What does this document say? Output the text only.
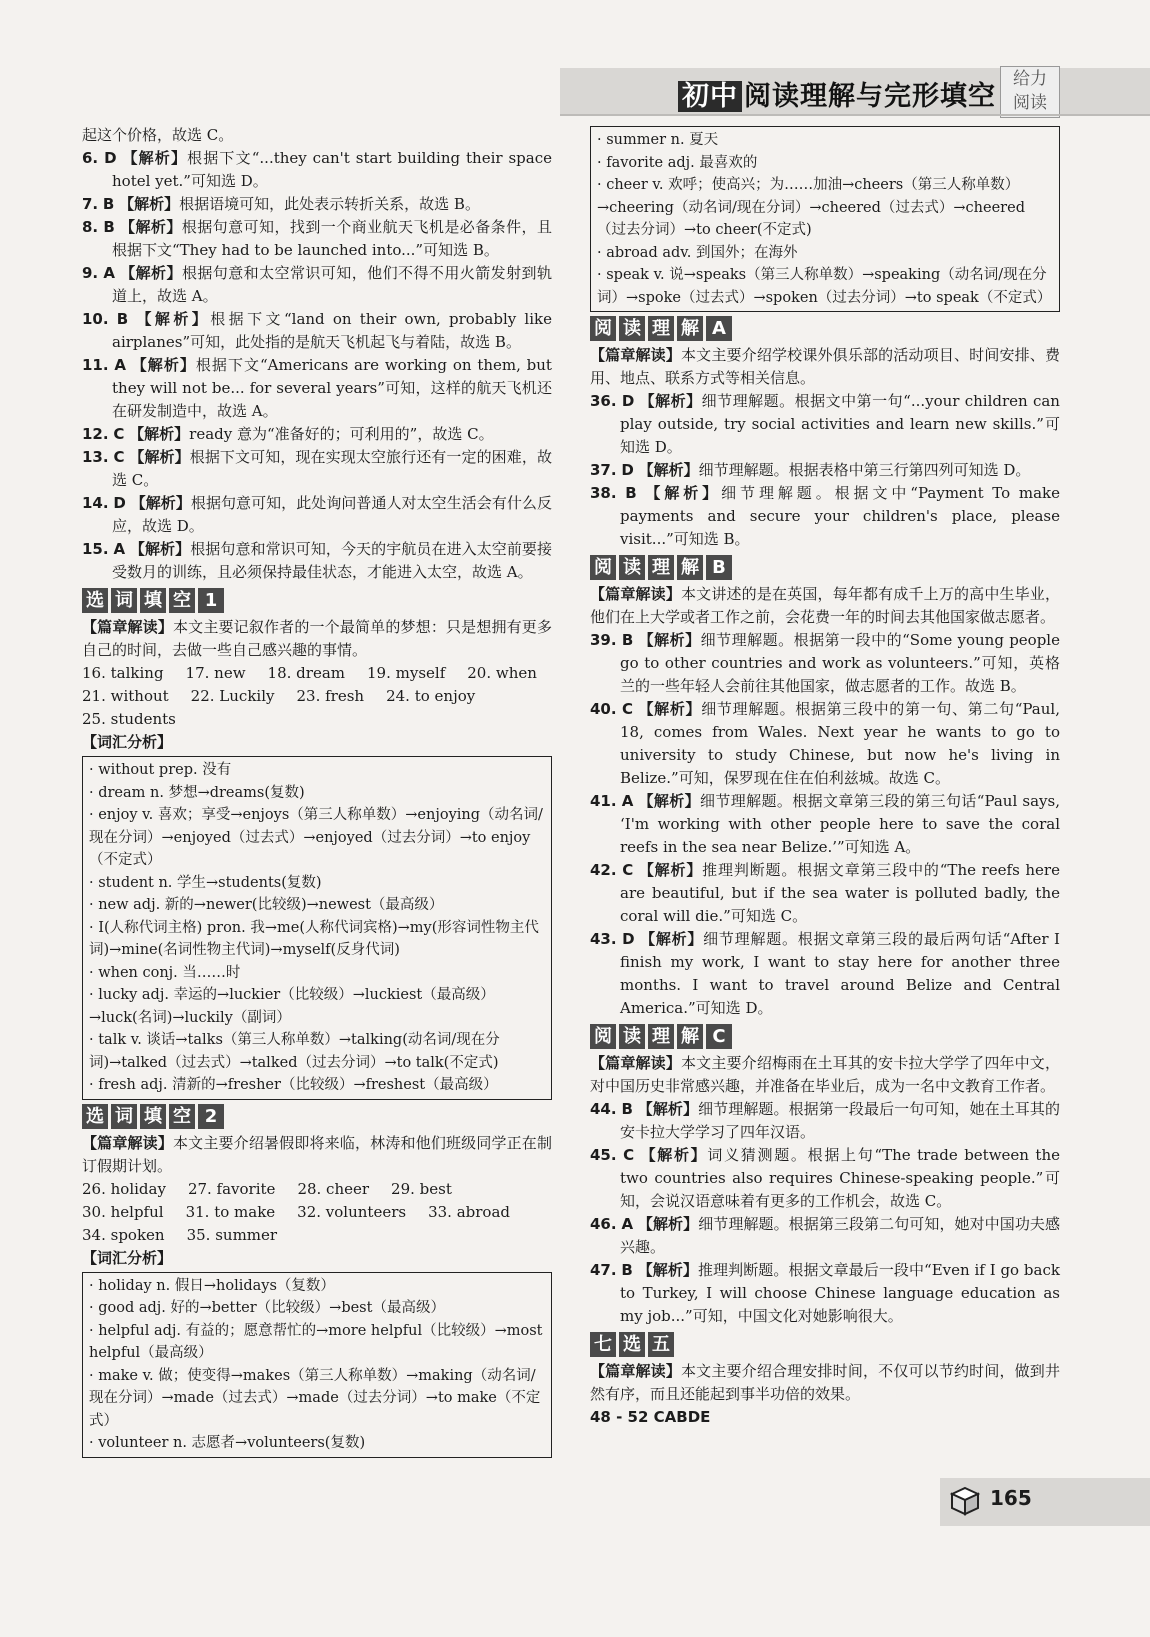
初中 阅读理解与完形填空
给力
阅读

起这个价格，故选 C。

6. D 【解析】根据下文“...they can't start building their space hotel yet.”可知选 D。

7. B 【解析】根据语境可知，此处表示转折关系，故选 B。

8. B 【解析】根据句意可知，找到一个商业航天飞机是必备条件，且根据下文“They had to be launched into...”可知选 B。

9. A 【解析】根据句意和太空常识可知，他们不得不用火箭发射到轨道上，故选 A。

10. B 【解析】根据下文“land on their own, probably like airplanes”可知，此处指的是航天飞机起飞与着陆，故选 B。

11. A 【解析】根据下文“Americans are working on them, but they will not be... for several years”可知，这样的航天飞机还在研发制造中，故选 A。

12. C 【解析】ready 意为“准备好的；可利用的”，故选 C。

13. C 【解析】根据下文可知，现在实现太空旅行还有一定的困难，故选 C。

14. D 【解析】根据句意可知，此处询问普通人对太空生活会有什么反应，故选 D。

15. A 【解析】根据句意和常识可知，今天的宇航员在进入太空前要接受数月的训练，且必须保持最佳状态，才能进入太空，故选 A。

选 词 填 空 1

【篇章解读】本文主要记叙作者的一个最简单的梦想：只是想拥有更多自己的时间，去做一些自己感兴趣的事情。

16. talking 17. new 18. dream 19. myself 20. when
21. without 22. Luckily 23. fresh 24. to enjoy
25. students

【词汇分析】

· without prep. 没有

· dream n. 梦想→dreams(复数)

· enjoy v. 喜欢；享受→enjoys（第三人称单数）→enjoying（动名词/现在分词）→enjoyed（过去式）→enjoyed（过去分词）→to enjoy（不定式）

· student n. 学生→students(复数)

· new adj. 新的→newer(比较级)→newest（最高级）

· I(人称代词主格) pron. 我→me(人称代词宾格)→my(形容词性物主代词)→mine(名词性物主代词)→myself(反身代词)

· when conj. 当……时

· lucky adj. 幸运的→luckier（比较级）→luckiest（最高级）→luck(名词)→luckily（副词）

· talk v. 谈话→talks（第三人称单数）→talking(动名词/现在分词)→talked（过去式）→talked（过去分词）→to talk(不定式)

· fresh adj. 清新的→fresher（比较级）→freshest（最高级）

选 词 填 空 2

【篇章解读】本文主要介绍暑假即将来临，林涛和他们班级同学正在制订假期计划。

26. holiday 27. favorite 28. cheer 29. best
30. helpful 31. to make 32. volunteers 33. abroad
34. spoken 35. summer

【词汇分析】

· holiday n. 假日→holidays（复数）

· good adj. 好的→better（比较级）→best（最高级）

· helpful adj. 有益的；愿意帮忙的→more helpful（比较级）→most helpful（最高级）

· make v. 做；使变得→makes（第三人称单数）→making（动名词/现在分词）→made（过去式）→made（过去分词）→to make（不定式）

· volunteer n. 志愿者→volunteers(复数)

· summer n. 夏天

· favorite adj. 最喜欢的

· cheer v. 欢呼；使高兴；为……加油→cheers（第三人称单数）→cheering（动名词/现在分词）→cheered（过去式）→cheered（过去分词）→to cheer(不定式)

· abroad adv. 到国外；在海外

· speak v. 说→speaks（第三人称单数）→speaking（动名词/现在分词）→spoke（过去式）→spoken（过去分词）→to speak（不定式）

阅 读 理 解 A

【篇章解读】本文主要介绍学校课外俱乐部的活动项目、时间安排、费用、地点、联系方式等相关信息。

36. D 【解析】细节理解题。根据文中第一句“...your children can play outside, try social activities and learn new skills.”可知选 D。

37. D 【解析】细节理解题。根据表格中第三行第四列可知选 D。

38. B 【解析】细节理解题。根据文中“Payment To make payments and secure your children's place, please visit...”可知选 B。

阅 读 理 解 B

【篇章解读】本文讲述的是在英国，每年都有成千上万的高中生毕业，他们在上大学或者工作之前，会花费一年的时间去其他国家做志愿者。

39. B 【解析】细节理解题。根据第一段中的“Some young people go to other countries and work as volunteers.”可知，英格兰的一些年轻人会前往其他国家，做志愿者的工作。故选 B。

40. C 【解析】细节理解题。根据第三段中的第一句、第二句“Paul, 18, comes from Wales. Next year he wants to go to university to study Chinese, but now he's living in Belize.”可知，保罗现在住在伯利兹城。故选 C。

41. A 【解析】细节理解题。根据文章第三段的第三句话“Paul says, ‘I'm working with other people here to save the coral reefs in the sea near Belize.’”可知选 A。

42. C 【解析】推理判断题。根据文章第三段中的“The reefs here are beautiful, but if the sea water is polluted badly, the coral will die.”可知选 C。

43. D 【解析】细节理解题。根据文章第三段的最后两句话“After I finish my work, I want to stay here for another three months. I want to travel around Belize and Central America.”可知选 D。

阅 读 理 解 C

【篇章解读】本文主要介绍梅雨在土耳其的安卡拉大学学了四年中文，对中国历史非常感兴趣，并准备在毕业后，成为一名中文教育工作者。

44. B 【解析】细节理解题。根据第一段最后一句可知，她在土耳其的安卡拉大学学习了四年汉语。

45. C 【解析】词义猜测题。根据上句“The trade between the two countries also requires Chinese-speaking people.”可知，会说汉语意味着有更多的工作机会，故选 C。

46. A 【解析】细节理解题。根据第三段第二句可知，她对中国功夫感兴趣。

47. B 【解析】推理判断题。根据文章最后一段中“Even if I go back to Turkey, I will choose Chinese language education as my job...”可知，中国文化对她影响很大。

七 选 五

【篇章解读】本文主要介绍合理安排时间，不仅可以节约时间，做到井然有序，而且还能起到事半功倍的效果。

48 - 52 CABDE

165
